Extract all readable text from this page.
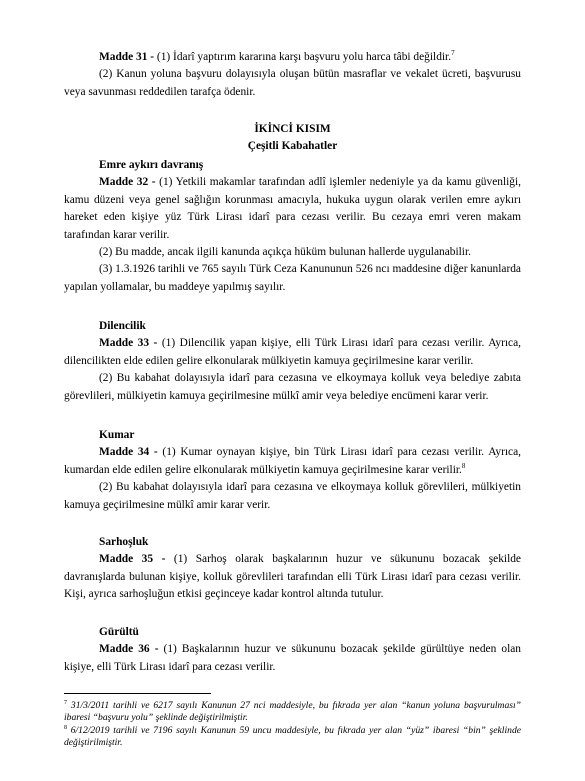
Madde 31 - (1) İdarî yaptırım kararına karşı başvuru yolu harca tâbi değildir.$^7$

(2) Kanun yoluna başvuru dolayısıyla oluşan bütün masraflar ve vekalet ücreti, başvurusu veya savunması reddedilen tarafça ödenir.

İKİNCİ KISIM

Çeşitli Kabahatler

Emre aykırı davranış

Madde 32 - (1) Yetkili makamlar tarafından adlî işlemler nedeniyle ya da kamu güvenliği, kamu düzeni veya genel sağlığın korunması amacıyla, hukuka uygun olarak verilen emre aykırı hareket eden kişiye yüz Türk Lirası idarî para cezası verilir. Bu cezaya emri veren makam tarafından karar verilir.

(2) Bu madde, ancak ilgili kanunda açıkça hüküm bulunan hallerde uygulanabilir.

(3) 1.3.1926 tarihli ve 765 sayılı Türk Ceza Kanununun 526 ncı maddesine diğer kanunlarda yapılan yollamalar, bu maddeye yapılmış sayılır.

Dilencilik

Madde 33 - (1) Dilencilik yapan kişiye, elli Türk Lirası idarî para cezası verilir. Ayrıca, dilencilikten elde edilen gelire elkonularak mülkiyetin kamuya geçirilmesine karar verilir.

(2) Bu kabahat dolayısıyla idarî para cezasına ve elkoymaya kolluk veya belediye zabıta görevlileri, mülkiyetin kamuya geçirilmesine mülkî amir veya belediye encümeni karar verir.

Kumar

Madde 34 - (1) Kumar oynayan kişiye, bin Türk Lirası idarî para cezası verilir. Ayrıca, kumardan elde edilen gelire elkonularak mülkiyetin kamuya geçirilmesine karar verilir.$^8$

(2) Bu kabahat dolayısıyla idarî para cezasına ve elkoymaya kolluk görevlileri, mülkiyetin kamuya geçirilmesine mülkî amir karar verir.

Sarhoşluk

Madde 35 - (1) Sarhoş olarak başkalarının huzur ve sükununu bozacak şekilde davranışlarda bulunan kişiye, kolluk görevlileri tarafından elli Türk Lirası idarî para cezası verilir. Kişi, ayrıca sarhoşluğun etkisi geçinceye kadar kontrol altında tutulur.

Gürültü

Madde 36 - (1) Başkalarının huzur ve sükununu bozacak şekilde gürültüye neden olan kişiye, elli Türk Lirası idarî para cezası verilir.

$^7$ 31/3/2011 tarihli ve 6217 sayılı Kanunun 27 nci maddesiyle, bu fıkrada yer alan “kanun yoluna başvurulması” ibaresi “başvuru yolu” şeklinde değiştirilmiştir.
$^8$ 6/12/2019 tarihli ve 7196 sayılı Kanunun 59 uncu maddesiyle, bu fıkrada yer alan “yüz” ibaresi “bin” şeklinde değiştirilmiştir.
